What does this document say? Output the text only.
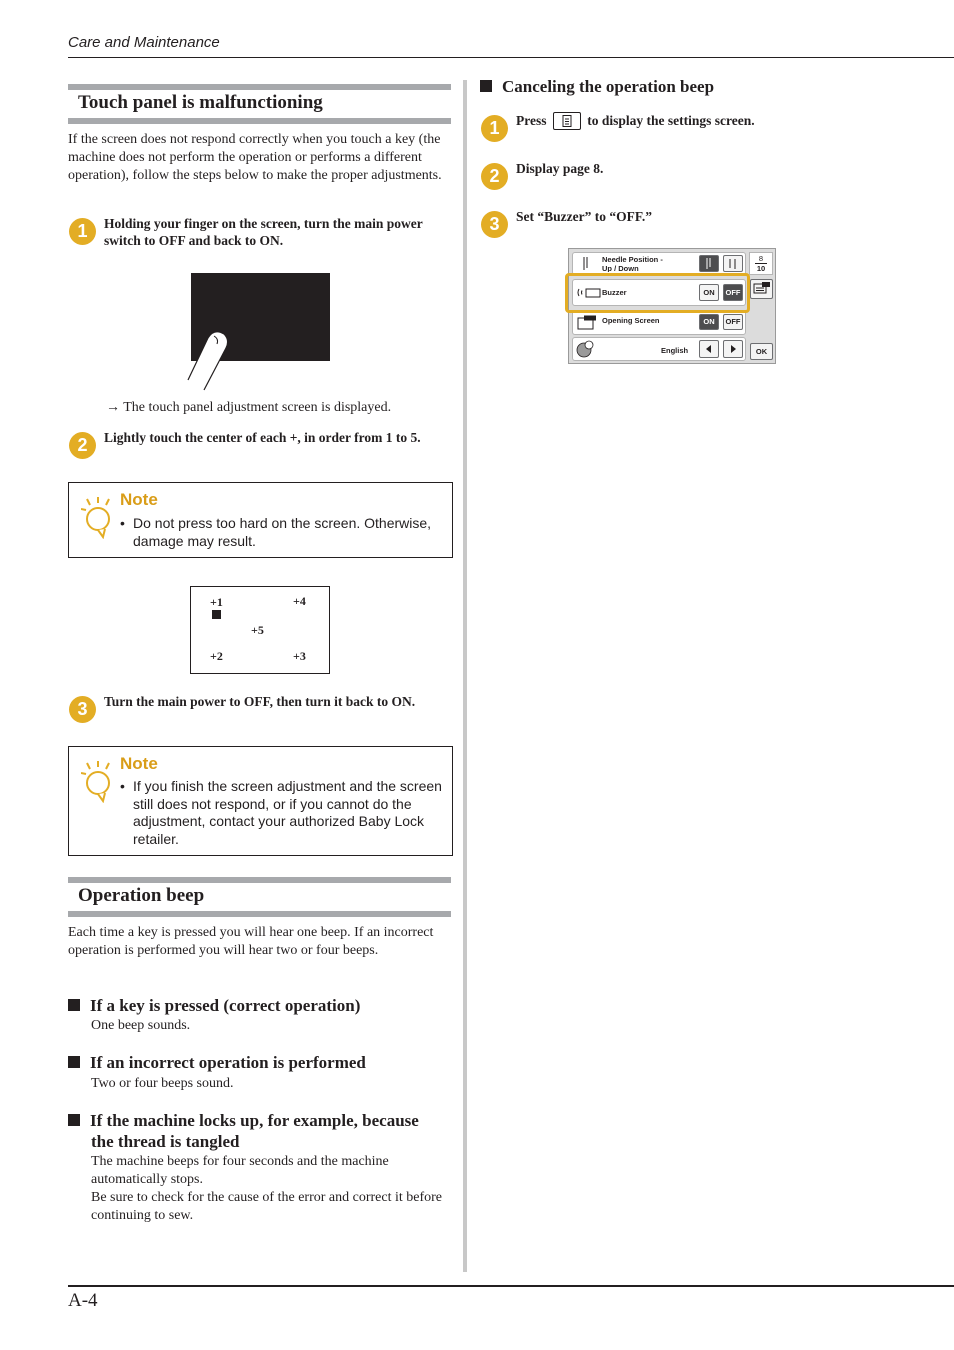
Care and Maintenance
A-4
Touch panel is malfunctioning
If the screen does not respond correctly when you touch a key (the machine does not perform the operation or performs a different operation), follow the steps below to make the proper adjustments.
1	Holding your finger on the screen, turn the main power switch to OFF and back to ON.
→ The touch panel adjustment screen is displayed.
2	Lightly touch the center of each +, in order from 1 to 5.
Note
• Do not press too hard on the screen. Otherwise, damage may result.
+1	+4
+5
+2	+3
3	Turn the main power to OFF, then turn it back to ON.
Note
• If you finish the screen adjustment and the screen still does not respond, or if you cannot do the adjustment, contact your authorized Baby Lock retailer.
Operation beep
Each time a key is pressed you will hear one beep. If an incorrect operation is performed you will hear two or four beeps.
If a key is pressed (correct operation)
One beep sounds.
If an incorrect operation is performed
Two or four beeps sound.
If the machine locks up, for example, because
the thread is tangled
The machine beeps for four seconds and the machine automatically stops.
Be sure to check for the cause of the error and correct it before continuing to sew.
Canceling the operation beep
1	Press	to display the settings screen.
2	Display page 8.
3	Set “Buzzer” to “OFF.”
Needle Position -
Up / Down
8
10
Buzzer	ON	OFF
Opening Screen	ON	OFF
English	OK
